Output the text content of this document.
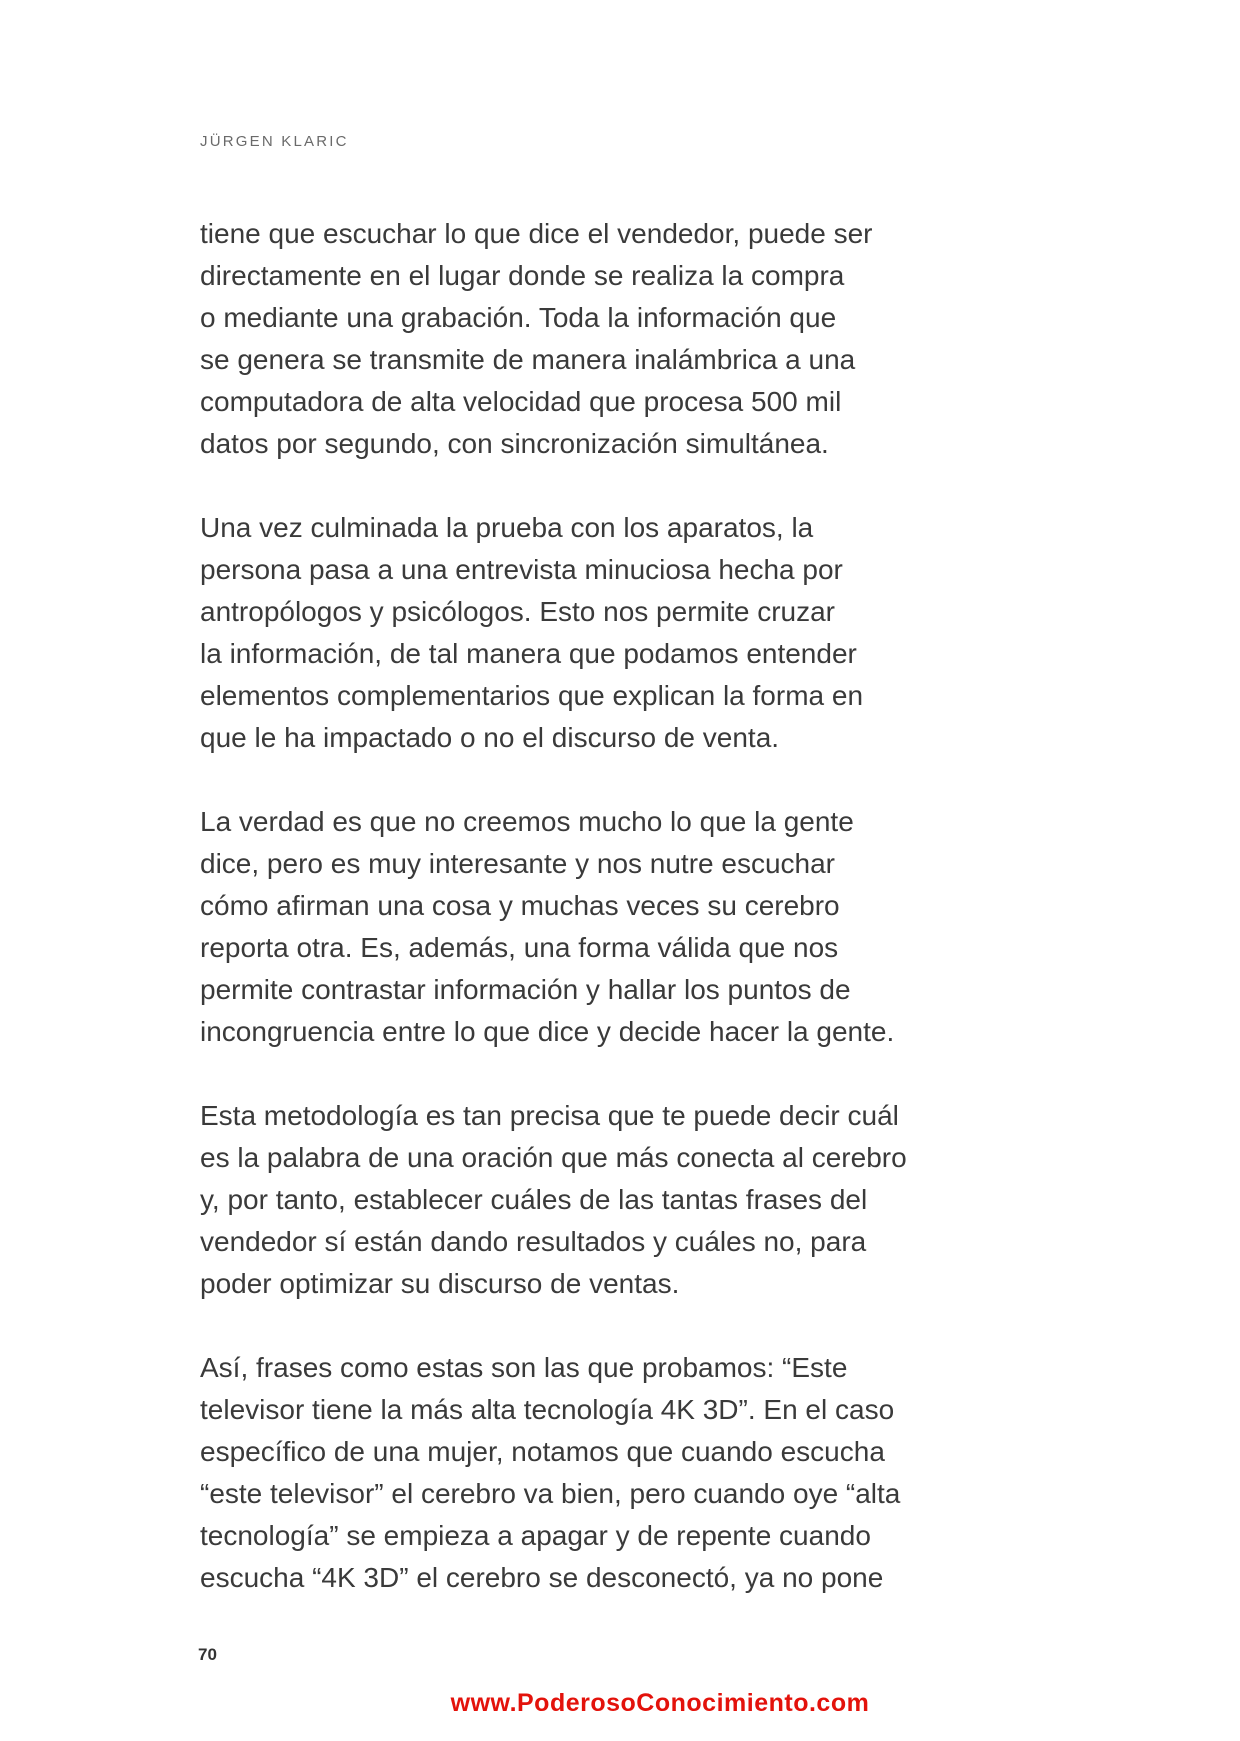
JÜRGEN KLARIC
tiene que escuchar lo que dice el vendedor, puede ser
directamente en el lugar donde se realiza la compra
o mediante una grabación. Toda la información que
se genera se transmite de manera inalámbrica a una
computadora de alta velocidad que procesa 500 mil
datos por segundo, con sincronización simultánea.
Una vez culminada la prueba con los aparatos, la
persona pasa a una entrevista minuciosa hecha por
antropólogos y psicólogos. Esto nos permite cruzar
la información, de tal manera que podamos entender
elementos complementarios que explican la forma en
que le ha impactado o no el discurso de venta.
La verdad es que no creemos mucho lo que la gente
dice, pero es muy interesante y nos nutre escuchar
cómo afirman una cosa y muchas veces su cerebro
reporta otra. Es, además, una forma válida que nos
permite contrastar información y hallar los puntos de
incongruencia entre lo que dice y decide hacer la gente.
Esta metodología es tan precisa que te puede decir cuál
es la palabra de una oración que más conecta al cerebro
y, por tanto, establecer cuáles de las tantas frases del
vendedor sí están dando resultados y cuáles no, para
poder optimizar su discurso de ventas.
Así, frases como estas son las que probamos: “Este
televisor tiene la más alta tecnología 4K 3D”. En el caso
específico de una mujer, notamos que cuando escucha
“este televisor” el cerebro va bien, pero cuando oye “alta
tecnología” se empieza a apagar y de repente cuando
escucha “4K 3D” el cerebro se desconectó, ya no pone
70
www.PoderosoConocimiento.com
